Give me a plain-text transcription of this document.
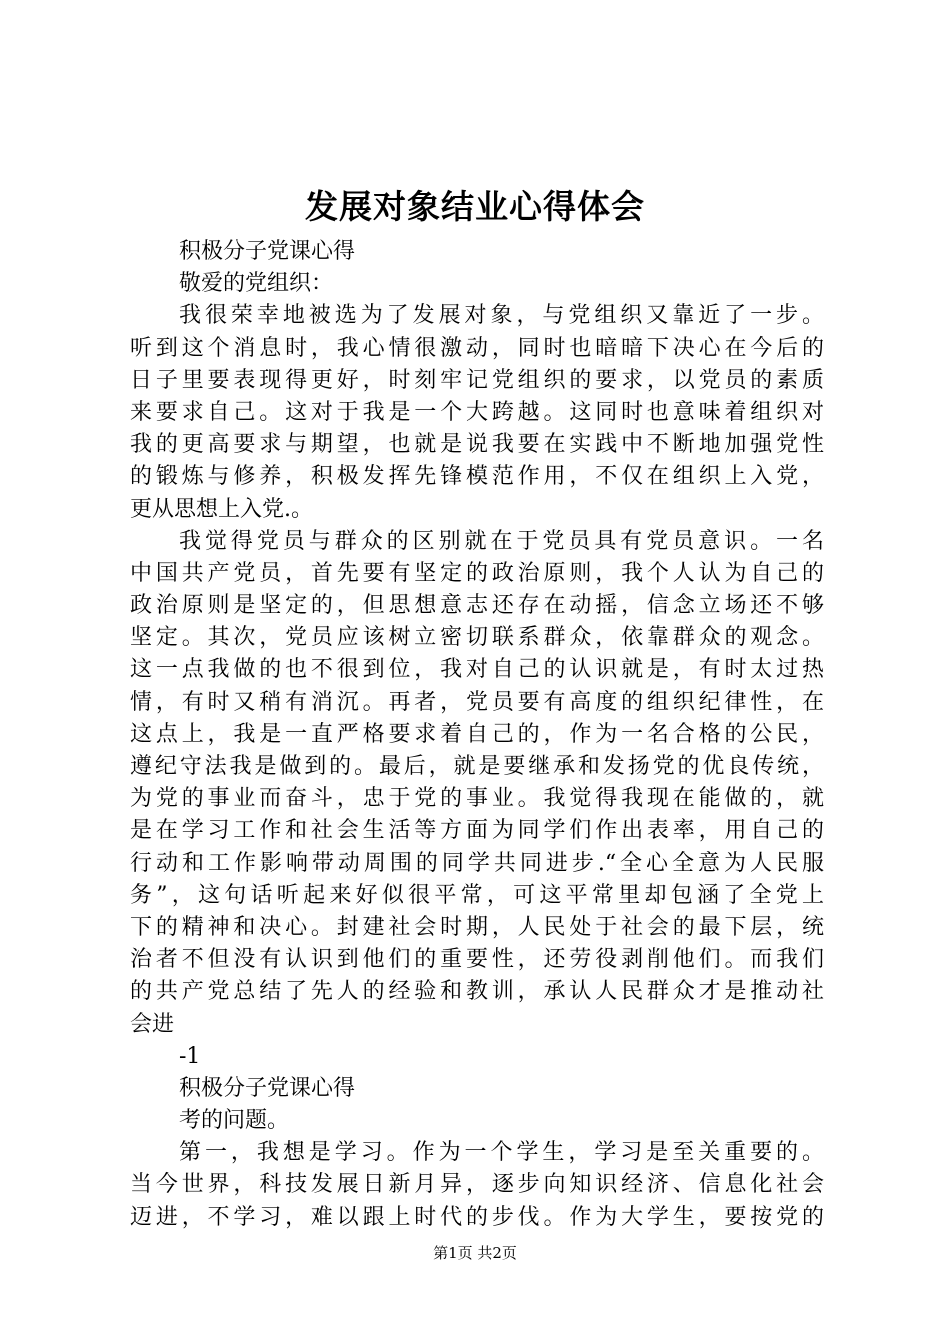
发展对象结业心得体会

积极分子党课心得

敬爱的党组织：

我很荣幸地被选为了发展对象，与党组织又靠近了一步。

听到这个消息时，我心情很激动，同时也暗暗下决心在今后的

日子里要表现得更好，时刻牢记党组织的要求，以党员的素质

来要求自己。这对于我是一个大跨越。这同时也意味着组织对

我的更高要求与期望，也就是说我要在实践中不断地加强党性

的锻炼与修养，积极发挥先锋模范作用，不仅在组织上入党，

更从思想上入党.。

我觉得党员与群众的区别就在于党员具有党员意识。一名

中国共产党员，首先要有坚定的政治原则，我个人认为自己的

政治原则是坚定的，但思想意志还存在动摇，信念立场还不够

坚定。其次，党员应该树立密切联系群众，依靠群众的观念。

这一点我做的也不很到位，我对自己的认识就是，有时太过热

情，有时又稍有消沉。再者，党员要有高度的组织纪律性，在

这点上，我是一直严格要求着自己的，作为一名合格的公民，

遵纪守法我是做到的。最后，就是要继承和发扬党的优良传统，

为党的事业而奋斗，忠于党的事业。我觉得我现在能做的，就

是在学习工作和社会生活等方面为同学们作出表率，用自己的

行动和工作影响带动周围的同学共同进步.“全心全意为人民服

务”，这句话听起来好似很平常，可这平常里却包涵了全党上

下的精神和决心。封建社会时期，人民处于社会的最下层，统

治者不但没有认识到他们的重要性，还劳役剥削他们。而我们

的共产党总结了先人的经验和教训，承认人民群众才是推动社

会进

-1

积极分子党课心得

考的问题。

第一，我想是学习。作为一个学生，学习是至关重要的。

当今世界，科技发展日新月异，逐步向知识经济、信息化社会

迈进，不学习，难以跟上时代的步伐。作为大学生，要按党的

第1页 共2页
